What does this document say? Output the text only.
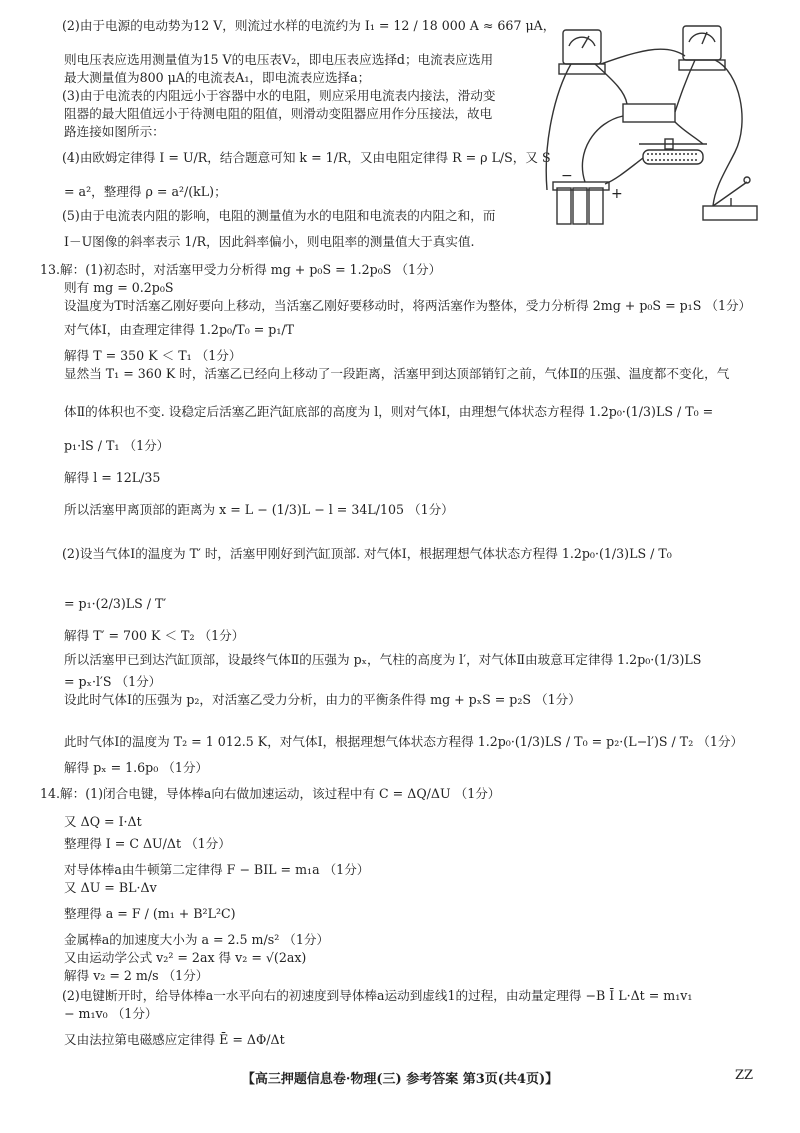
(2)由于电源的电动势为12 V，则流过水样的电流约为 I₁ = 12 / 18 000 A ≈ 667 μA，
则电压表应选用测量值为15 V的电压表V₂，即电压表应选择d；电流表应选用
最大测量值为800 μA的电流表A₁，即电流表应选择a；
(3)由于电流表的内阻远小于容器中水的电阻，则应采用电流表内接法，滑动变
阻器的最大阻值远小于待测电阻的阻值，则滑动变阻器应用作分压接法，故电
路连接如图所示：
(4)由欧姆定律得 I = U/R，结合题意可知 k = 1/R，又由电阻定律得 R = ρ L/S，又 S
= a²，整理得 ρ = a²/(kL)；
(5)由于电流表内阻的影响，电阻的测量值为水的电阻和电流表的内阻之和，而
I－U图像的斜率表示 1/R，因此斜率偏小，则电阻率的测量值大于真实值.
13.解：(1)初态时，对活塞甲受力分析得 mg + p₀S = 1.2p₀S （1分）
则有 mg = 0.2p₀S
设温度为T时活塞乙刚好要向上移动，当活塞乙刚好要移动时，将两活塞作为整体，受力分析得 2mg + p₀S = p₁S （1分）
对气体Ⅰ，由查理定律得 1.2p₀/T₀ = p₁/T
解得 T = 350 K ＜ T₁ （1分）
显然当 T₁ = 360 K 时，活塞乙已经向上移动了一段距离，活塞甲到达顶部销钉之前，气体Ⅱ的压强、温度都不变化，气
体Ⅱ的体积也不变. 设稳定后活塞乙距汽缸底部的高度为 l，则对气体Ⅰ，由理想气体状态方程得 1.2p₀·(1/3)LS / T₀ =
p₁·lS / T₁ （1分）
解得 l = 12L/35
所以活塞甲离顶部的距离为 x = L − (1/3)L − l = 34L/105 （1分）
(2)设当气体Ⅰ的温度为 T′ 时，活塞甲刚好到汽缸顶部. 对气体Ⅰ，根据理想气体状态方程得 1.2p₀·(1/3)LS / T₀
= p₁·(2/3)LS / T′
解得 T′ = 700 K ＜ T₂ （1分）
所以活塞甲已到达汽缸顶部，设最终气体Ⅱ的压强为 pₓ，气柱的高度为 l′，对气体Ⅱ由玻意耳定律得 1.2p₀·(1/3)LS
= pₓ·l′S （1分）
设此时气体Ⅰ的压强为 p₂，对活塞乙受力分析，由力的平衡条件得 mg + pₓS = p₂S （1分）
此时气体Ⅰ的温度为 T₂ = 1 012.5 K，对气体Ⅰ，根据理想气体状态方程得 1.2p₀·(1/3)LS / T₀ = p₂·(L−l′)S / T₂ （1分）
解得 pₓ = 1.6p₀ （1分）
14.解：(1)闭合电键，导体棒a向右做加速运动，该过程中有 C = ΔQ/ΔU （1分）
又 ΔQ = I·Δt
整理得 I = C ΔU/Δt （1分）
对导体棒a由牛顿第二定律得 F − BIL = m₁a （1分）
又 ΔU = BL·Δv
整理得 a = F / (m₁ + B²L²C)
金属棒a的加速度大小为 a = 2.5 m/s² （1分）
又由运动学公式 v₂² = 2ax 得 v₂ = √(2ax)
解得 v₂ = 2 m/s （1分）
(2)电键断开时，给导体棒a一水平向右的初速度到导体棒a运动到虚线1的过程，由动量定理得 −B Ī L·Δt = m₁v₁
− m₁v₀ （1分）
又由法拉第电磁感应定律得 Ē = ΔΦ/Δt
−
+
【高三押题信息卷·物理(三) 参考答案 第3页(共4页)】	ZZ
